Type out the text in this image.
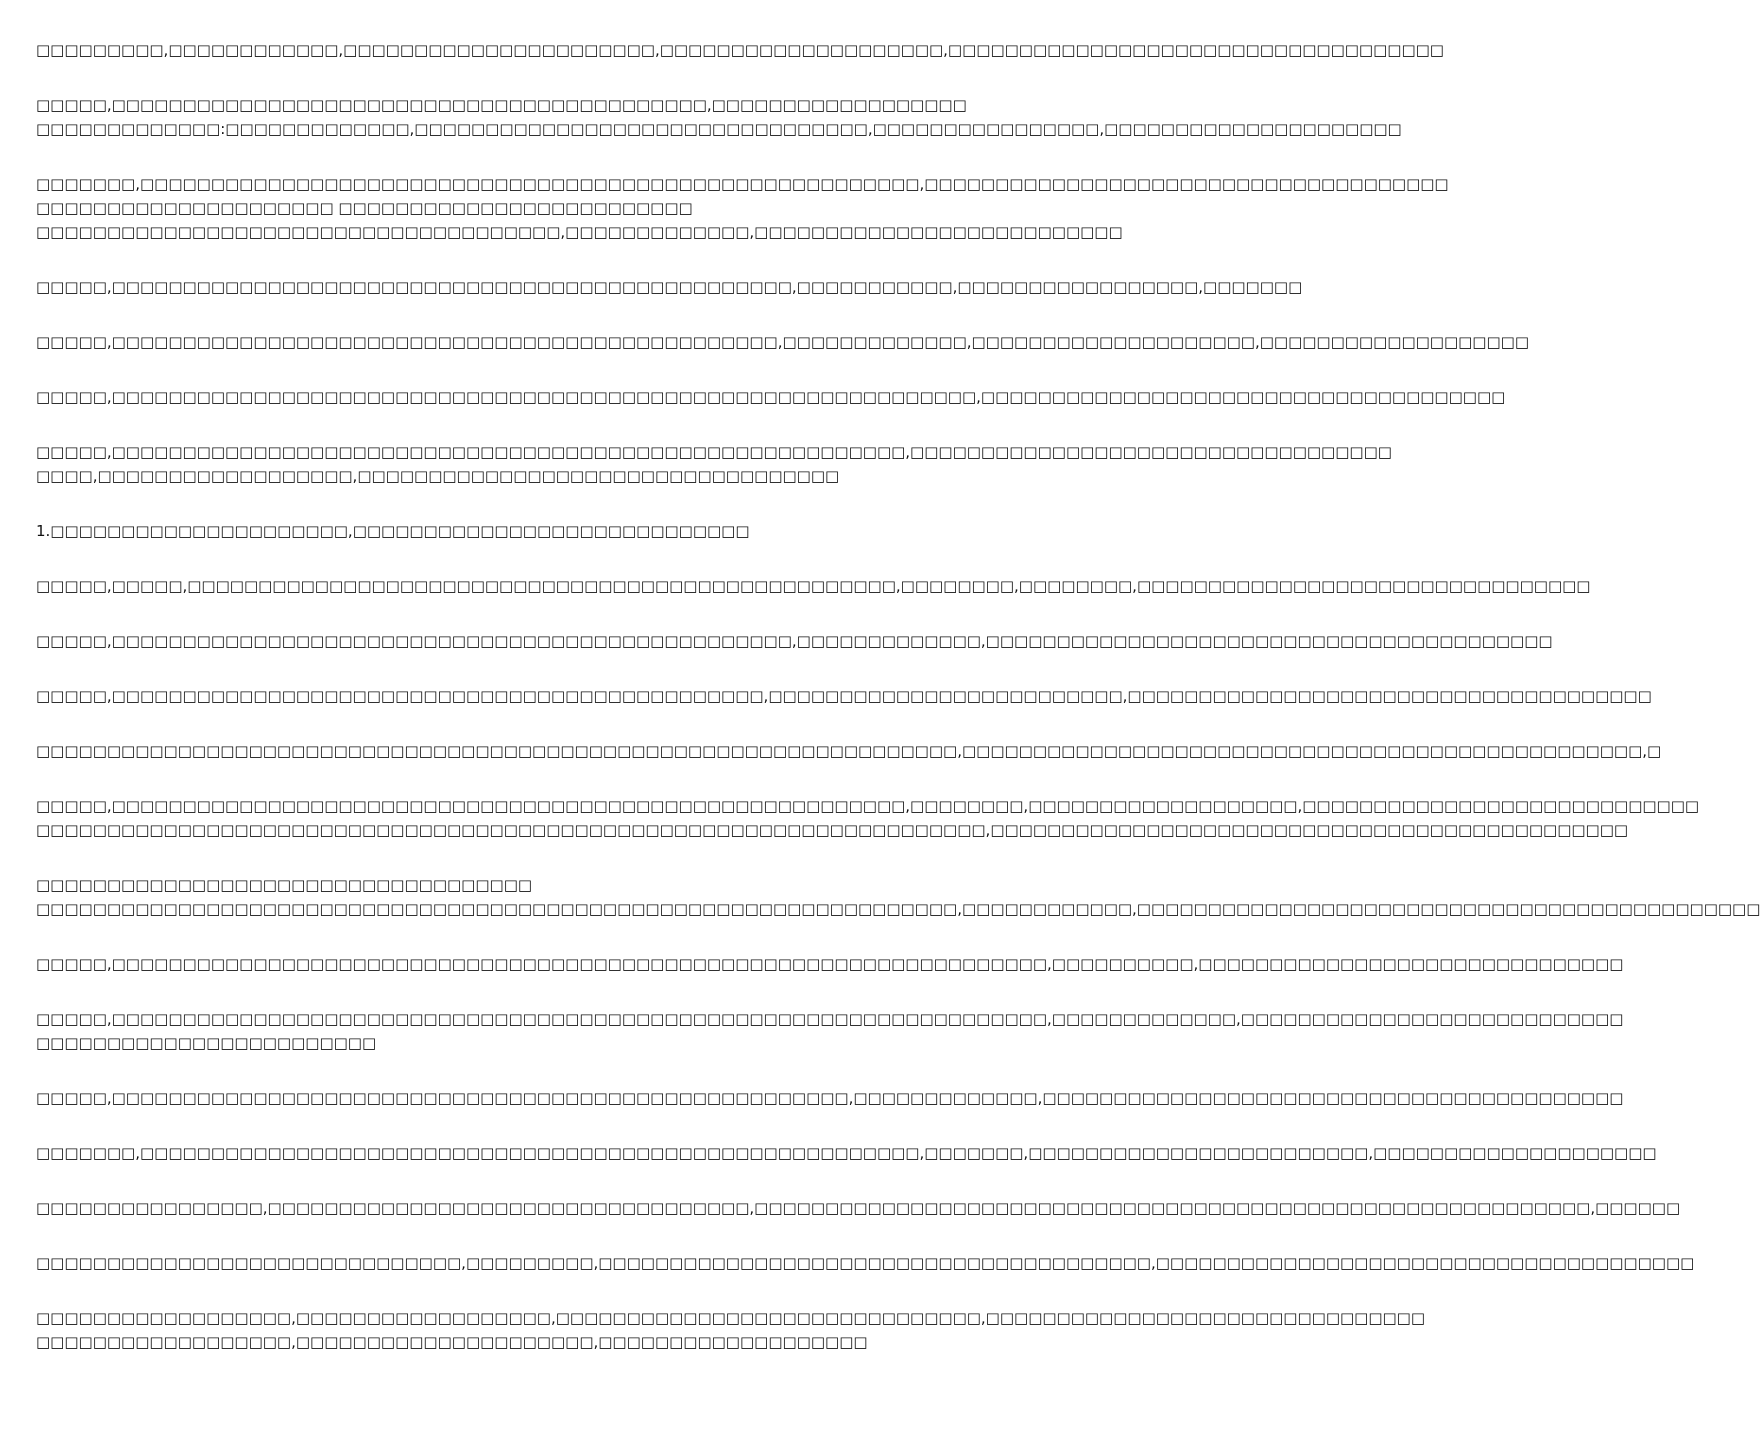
□□□□□□□□□,□□□□□□□□□□□□,□□□□□□□□□□□□□□□□□□□□□□,□□□□□□□□□□□□□□□□□□□□,□□□□□□□□□□□□□□□□□□□□□□□□□□□□□□□□□□□
□□□□□,□□□□□□□□□□□□□□□□□□□□□□□□□□□□□□□□□□□□□□□□□□,□□□□□□□□□□□□□□□□□□
□□□□□□□□□□□□□:□□□□□□□□□□□□□,□□□□□□□□□□□□□□□□□□□□□□□□□□□□□□□□,□□□□□□□□□□□□□□□□,□□□□□□□□□□□□□□□□□□□□□
□□□□□□□,□□□□□□□□□□□□□□□□□□□□□□□□□□□□□□□□□□□□□□□□□□□□□□□□□□□□□□□,□□□□□□□□□□□□□□□□□□□□□□□□□□□□□□□□□□□□□
□□□□□□□□□□□□□□□□□□□□□ □□□□□□□□□□□□□□□□□□□□□□□□□
□□□□□□□□□□□□□□□□□□□□□□□□□□□□□□□□□□□□□,□□□□□□□□□□□□□,□□□□□□□□□□□□□□□□□□□□□□□□□□
□□□□□,□□□□□□□□□□□□□□□□□□□□□□□□□□□□□□□□□□□□□□□□□□□□□□□□,□□□□□□□□□□□,□□□□□□□□□□□□□□□□□,□□□□□□□
□□□□□,□□□□□□□□□□□□□□□□□□□□□□□□□□□□□□□□□□□□□□□□□□□□□□□,□□□□□□□□□□□□□,□□□□□□□□□□□□□□□□□□□□,□□□□□□□□□□□□□□□□□□□
□□□□□,□□□□□□□□□□□□□□□□□□□□□□□□□□□□□□□□□□□□□□□□□□□□□□□□□□□□□□□□□□□□□,□□□□□□□□□□□□□□□□□□□□□□□□□□□□□□□□□□□□□
□□□□□,□□□□□□□□□□□□□□□□□□□□□□□□□□□□□□□□□□□□□□□□□□□□□□□□□□□□□□□□,□□□□□□□□□□□□□□□□□□□□□□□□□□□□□□□□□□
□□□□,□□□□□□□□□□□□□□□□□□,□□□□□□□□□□□□□□□□□□□□□□□□□□□□□□□□□□
1.□□□□□□□□□□□□□□□□□□□□□,□□□□□□□□□□□□□□□□□□□□□□□□□□□□
□□□□□,□□□□□,□□□□□□□□□□□□□□□□□□□□□□□□□□□□□□□□□□□□□□□□□□□□□□□□□□,□□□□□□□□,□□□□□□□□,□□□□□□□□□□□□□□□□□□□□□□□□□□□□□□□□
□□□□□,□□□□□□□□□□□□□□□□□□□□□□□□□□□□□□□□□□□□□□□□□□□□□□□□,□□□□□□□□□□□□□,□□□□□□□□□□□□□□□□□□□□□□□□□□□□□□□□□□□□□□□□
□□□□□,□□□□□□□□□□□□□□□□□□□□□□□□□□□□□□□□□□□□□□□□□□□□□□,□□□□□□□□□□□□□□□□□□□□□□□□□,□□□□□□□□□□□□□□□□□□□□□□□□□□□□□□□□□□□□□
□□□□□□□□□□□□□□□□□□□□□□□□□□□□□□□□□□□□□□□□□□□□□□□□□□□□□□□□□□□□□□□□□,□□□□□□□□□□□□□□□□□□□□□□□□□□□□□□□□□□□□□□□□□□□□□□□□,□
□□□□□,□□□□□□□□□□□□□□□□□□□□□□□□□□□□□□□□□□□□□□□□□□□□□□□□□□□□□□□□,□□□□□□□□,□□□□□□□□□□□□□□□□□□□,□□□□□□□□□□□□□□□□□□□□□□□□□□□□
□□□□□□□□□□□□□□□□□□□□□□□□□□□□□□□□□□□□□□□□□□□□□□□□□□□□□□□□□□□□□□□□□□□,□□□□□□□□□□□□□□□□□□□□□□□□□□□□□□□□□□□□□□□□□□□□□
□□□□□□□□□□□□□□□□□□□□□□□□□□□□□□□□□□□
□□□□□□□□□□□□□□□□□□□□□□□□□□□□□□□□□□□□□□□□□□□□□□□□□□□□□□□□□□□□□□□□□,□□□□□□□□□□□□,□□□□□□□□□□□□□□□□□□□□□□□□□□□□□□□□□□□□□□□□□□□□
□□□□□,□□□□□□□□□□□□□□□□□□□□□□□□□□□□□□□□□□□□□□□□□□□□□□□□□□□□□□□□□□□□□□□□□□,□□□□□□□□□□,□□□□□□□□□□□□□□□□□□□□□□□□□□□□□□
□□□□□,□□□□□□□□□□□□□□□□□□□□□□□□□□□□□□□□□□□□□□□□□□□□□□□□□□□□□□□□□□□□□□□□□□,□□□□□□□□□□□□□,□□□□□□□□□□□□□□□□□□□□□□□□□□□
□□□□□□□□□□□□□□□□□□□□□□□□
□□□□□,□□□□□□□□□□□□□□□□□□□□□□□□□□□□□□□□□□□□□□□□□□□□□□□□□□□□,□□□□□□□□□□□□□,□□□□□□□□□□□□□□□□□□□□□□□□□□□□□□□□□□□□□□□□□
□□□□□□□,□□□□□□□□□□□□□□□□□□□□□□□□□□□□□□□□□□□□□□□□□□□□□□□□□□□□□□□,□□□□□□□,□□□□□□□□□□□□□□□□□□□□□□□□,□□□□□□□□□□□□□□□□□□□□
□□□□□□□□□□□□□□□□,□□□□□□□□□□□□□□□□□□□□□□□□□□□□□□□□□□,□□□□□□□□□□□□□□□□□□□□□□□□□□□□□□□□□□□□□□□□□□□□□□□□□□□□□□□□□□□,□□□□□□
□□□□□□□□□□□□□□□□□□□□□□□□□□□□□□,□□□□□□□□□,□□□□□□□□□□□□□□□□□□□□□□□□□□□□□□□□□□□□□□□,□□□□□□□□□□□□□□□□□□□□□□□□□□□□□□□□□□□□□□
□□□□□□□□□□□□□□□□□□,□□□□□□□□□□□□□□□□□□,□□□□□□□□□□□□□□□□□□□□□□□□□□□□□□,□□□□□□□□□□□□□□□□□□□□□□□□□□□□□□□
□□□□□□□□□□□□□□□□□□,□□□□□□□□□□□□□□□□□□□□□,□□□□□□□□□□□□□□□□□□□
